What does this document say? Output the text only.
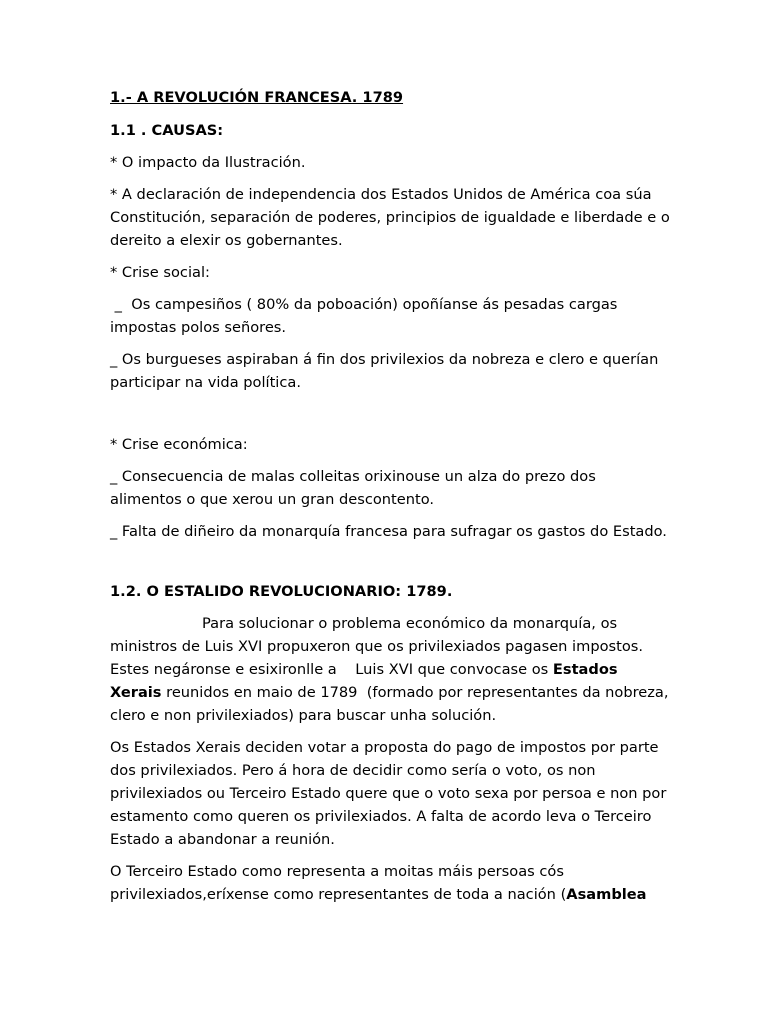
1.- A REVOLUCIÓN FRANCESA. 1789
1.1 . CAUSAS:

* O impacto da Ilustración.

* A declaración de independencia dos Estados Unidos de América coa súa Constitución, separación de poderes, principios de igualdade e liberdade e o dereito a elexir os gobernantes.

* Crise social:

_  Os campesiños ( 80% da poboación) opoñíanse ás pesadas cargas impostas polos señores.

_ Os burgueses aspiraban á fin dos privilexios da nobreza e clero e querían participar na vida política.

* Crise económica:

_ Consecuencia de malas colleitas orixinouse un alza do prezo dos alimentos o que xerou un gran descontento.

_ Falta de diñeiro da monarquía francesa para sufragar os gastos do Estado.

1.2. O ESTALIDO REVOLUCIONARIO: 1789.

Para solucionar o problema económico da monarquía, os ministros de Luis XVI propuxeron que os privilexiados pagasen impostos. Estes negáronse e esixironlle a    Luis XVI que convocase os Estados Xerais reunidos en maio de 1789  (formado por representantes da nobreza, clero e non privilexiados) para buscar unha solución.

Os Estados Xerais deciden votar a proposta do pago de impostos por parte dos privilexiados. Pero á hora de decidir como sería o voto, os non privilexiados ou Terceiro Estado quere que o voto sexa por persoa e non por estamento como queren os privilexiados. A falta de acordo leva o Terceiro Estado a abandonar a reunión.

O Terceiro Estado como representa a moitas máis persoas cós privilexiados,eríxense como representantes de toda a nación (Asamblea
